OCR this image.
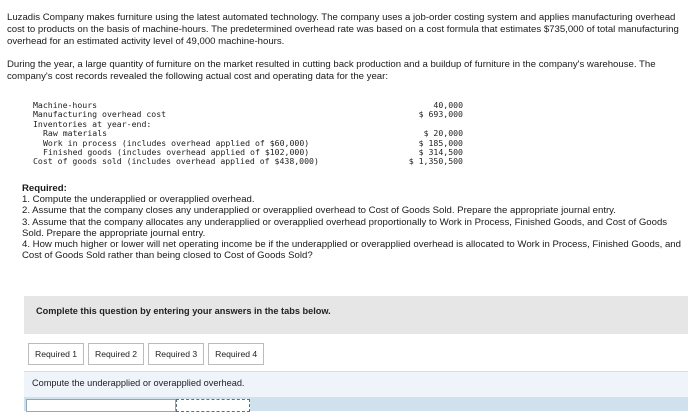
Luzadis Company makes furniture using the latest automated technology. The company uses a job-order costing system and applies manufacturing overhead cost to products on the basis of machine-hours. The predetermined overhead rate was based on a cost formula that estimates $735,000 of total manufacturing overhead for an estimated activity level of 49,000 machine-hours.

During the year, a large quantity of furniture on the market resulted in cutting back production and a buildup of furniture in the company's warehouse. The company's cost records revealed the following actual cost and operating data for the year:

Machine-hours	40,000
Manufacturing overhead cost	$ 693,000
Inventories at year-end:
Raw materials	$ 20,000
Work in process (includes overhead applied of $60,000)	$ 185,000
Finished goods (includes overhead applied of $102,000)	$ 314,500
Cost of goods sold (includes overhead applied of $438,000)	$ 1,350,500
Required:

1. Compute the underapplied or overapplied overhead.

2. Assume that the company closes any underapplied or overapplied overhead to Cost of Goods Sold. Prepare the appropriate journal entry.

3. Assume that the company allocates any underapplied or overapplied overhead proportionally to Work in Process, Finished Goods, and Cost of Goods Sold. Prepare the appropriate journal entry.

4. How much higher or lower will net operating income be if the underapplied or overapplied overhead is allocated to Work in Process, Finished Goods, and Cost of Goods Sold rather than being closed to Cost of Goods Sold?

Complete this question by entering your answers in the tabs below.
Required 1	Required 2	Required 3	Required 4
Compute the underapplied or overapplied overhead.
